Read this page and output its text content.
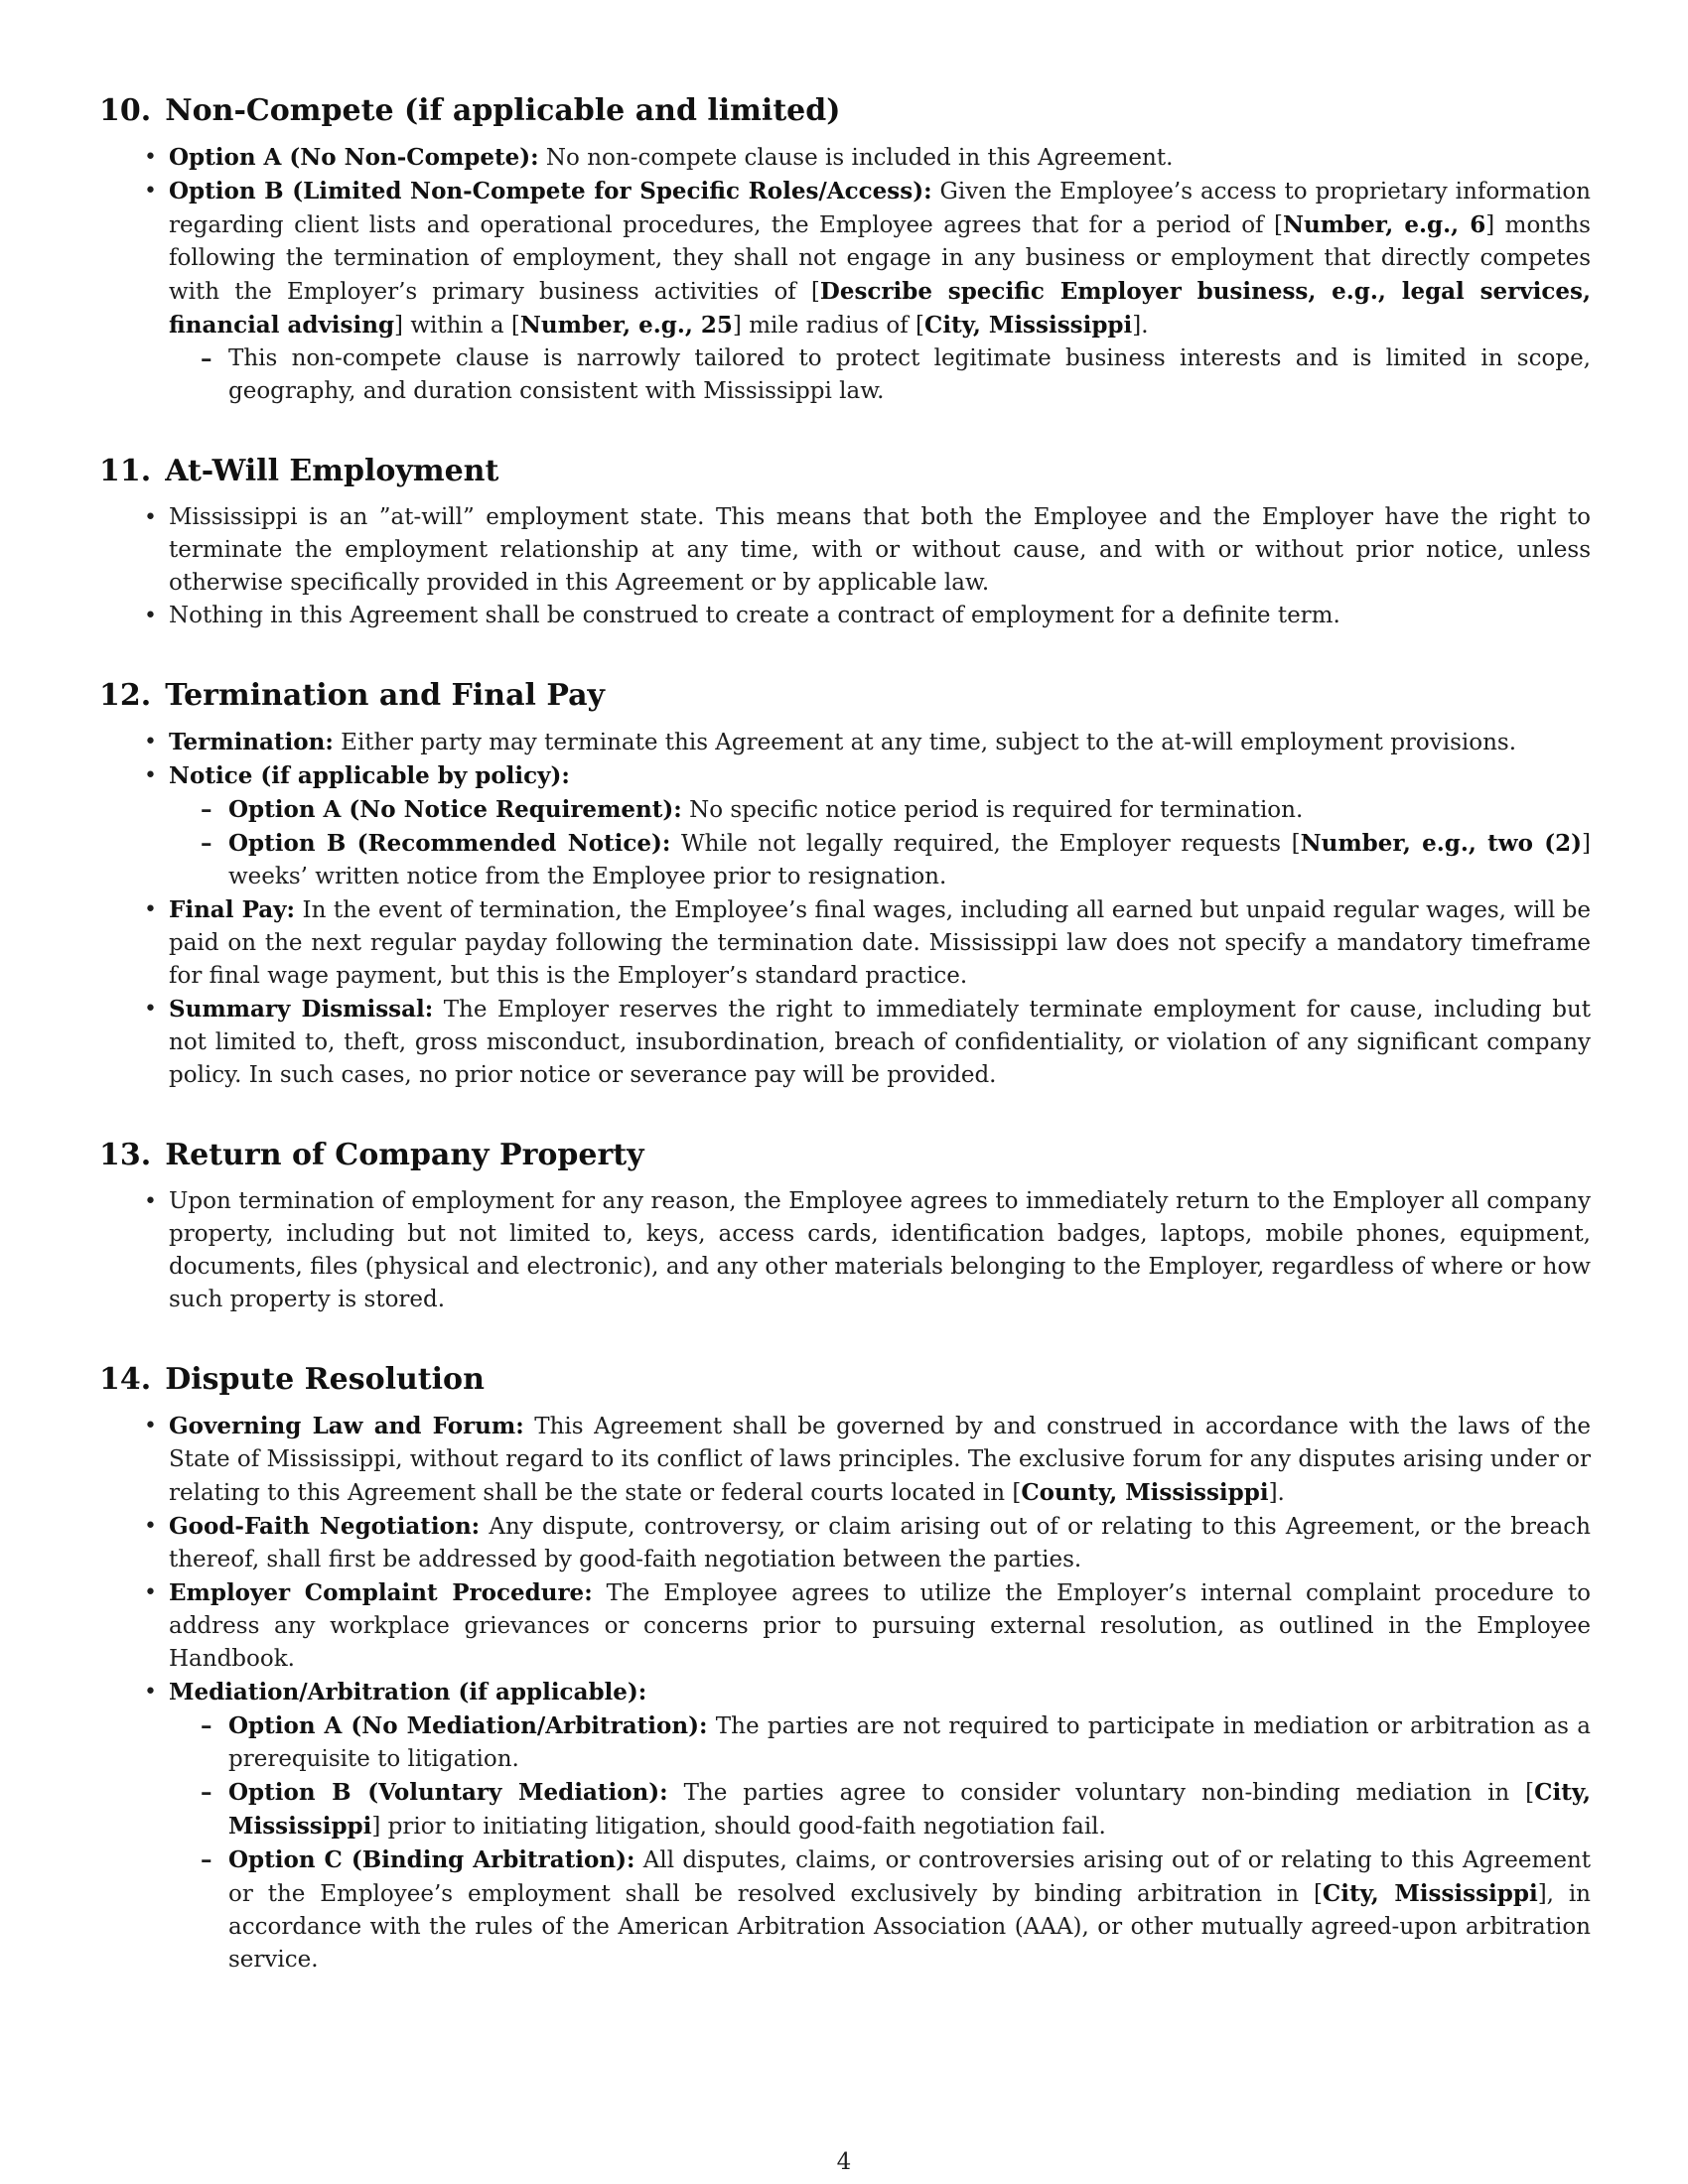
10. Non-Compete (if applicable and limited)
• Option A (No Non-Compete): No non-compete clause is included in this Agreement.
• Option B (Limited Non-Compete for Specific Roles/Access): Given the Employee’s access to proprietary information regarding client lists and operational procedures, the Employee agrees that for a period of [Number, e.g., 6] months following the termination of employment, they shall not engage in any business or employment that directly competes with the Employer’s primary business activities of [Describe specific Employer business, e.g., legal services, financial advising] within a [Number, e.g., 25] mile radius of [City, Mississippi].
– This non-compete clause is narrowly tailored to protect legitimate business interests and is limited in scope, geography, and duration consistent with Mississippi law.
11. At-Will Employment
• Mississippi is an ”at-will” employment state. This means that both the Employee and the Employer have the right to terminate the employment relationship at any time, with or without cause, and with or without prior notice, unless otherwise specifically provided in this Agreement or by applicable law.
• Nothing in this Agreement shall be construed to create a contract of employment for a definite term.
12. Termination and Final Pay
• Termination: Either party may terminate this Agreement at any time, subject to the at-will employment provisions.
• Notice (if applicable by policy):
– Option A (No Notice Requirement): No specific notice period is required for termination.
– Option B (Recommended Notice): While not legally required, the Employer requests [Number, e.g., two (2)] weeks’ written notice from the Employee prior to resignation.
• Final Pay: In the event of termination, the Employee’s final wages, including all earned but unpaid regular wages, will be paid on the next regular payday following the termination date. Mississippi law does not specify a mandatory timeframe for final wage payment, but this is the Employer’s standard practice.
• Summary Dismissal: The Employer reserves the right to immediately terminate employment for cause, including but not limited to, theft, gross misconduct, insubordination, breach of confidentiality, or violation of any significant company policy. In such cases, no prior notice or severance pay will be provided.
13. Return of Company Property
• Upon termination of employment for any reason, the Employee agrees to immediately return to the Employer all company property, including but not limited to, keys, access cards, identification badges, laptops, mobile phones, equipment, documents, files (physical and electronic), and any other materials belonging to the Employer, regardless of where or how such property is stored.
14. Dispute Resolution
• Governing Law and Forum: This Agreement shall be governed by and construed in accordance with the laws of the State of Mississippi, without regard to its conflict of laws principles. The exclusive forum for any disputes arising under or relating to this Agreement shall be the state or federal courts located in [County, Mississippi].
• Good-Faith Negotiation: Any dispute, controversy, or claim arising out of or relating to this Agreement, or the breach thereof, shall first be addressed by good-faith negotiation between the parties.
• Employer Complaint Procedure: The Employee agrees to utilize the Employer’s internal complaint procedure to address any workplace grievances or concerns prior to pursuing external resolution, as outlined in the Employee Handbook.
• Mediation/Arbitration (if applicable):
– Option A (No Mediation/Arbitration): The parties are not required to participate in mediation or arbitration as a prerequisite to litigation.
– Option B (Voluntary Mediation): The parties agree to consider voluntary non-binding mediation in [City, Mississippi] prior to initiating litigation, should good-faith negotiation fail.
– Option C (Binding Arbitration): All disputes, claims, or controversies arising out of or relating to this Agreement or the Employee’s employment shall be resolved exclusively by binding arbitration in [City, Mississippi], in accordance with the rules of the American Arbitration Association (AAA), or other mutually agreed-upon arbitration service.
4
